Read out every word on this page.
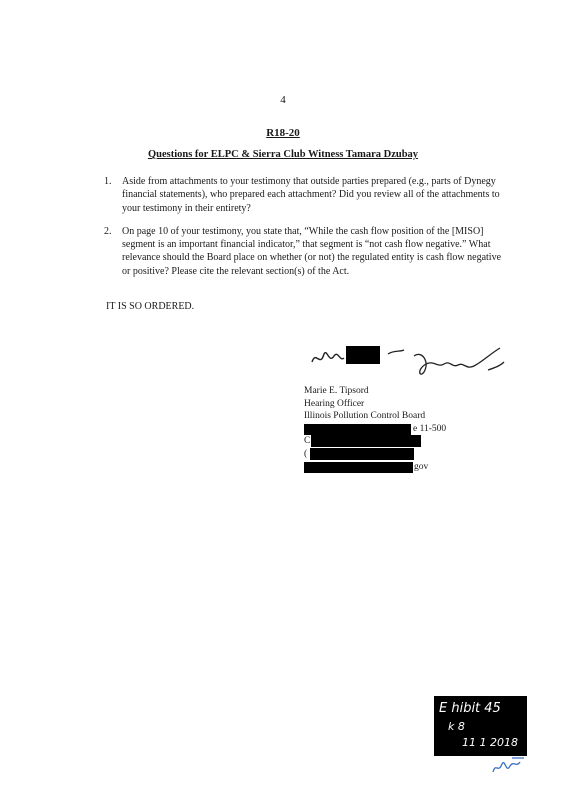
4
R18-20
Questions for ELPC & Sierra Club Witness Tamara Dzubay
1.	Aside from attachments to your testimony that outside parties prepared (e.g., parts of Dynegy financial statements), who prepared each attachment? Did you review all of the attachments to your testimony in their entirety?
2.	On page 10 of your testimony, you state that, “While the cash flow position of the [MISO] segment is an important financial indicator,” that segment is “not cash flow negative.” What relevance should the Board place on whether (or not) the regulated entity is cash flow negative or positive? Please cite the relevant section(s) of the Act.
IT IS SO ORDERED.
Marie E. Tipsord
Hearing Officer
Illinois Pollution Control Board
e 11-500
C
(
gov
E hibit 45
k 8
11 1 2018
